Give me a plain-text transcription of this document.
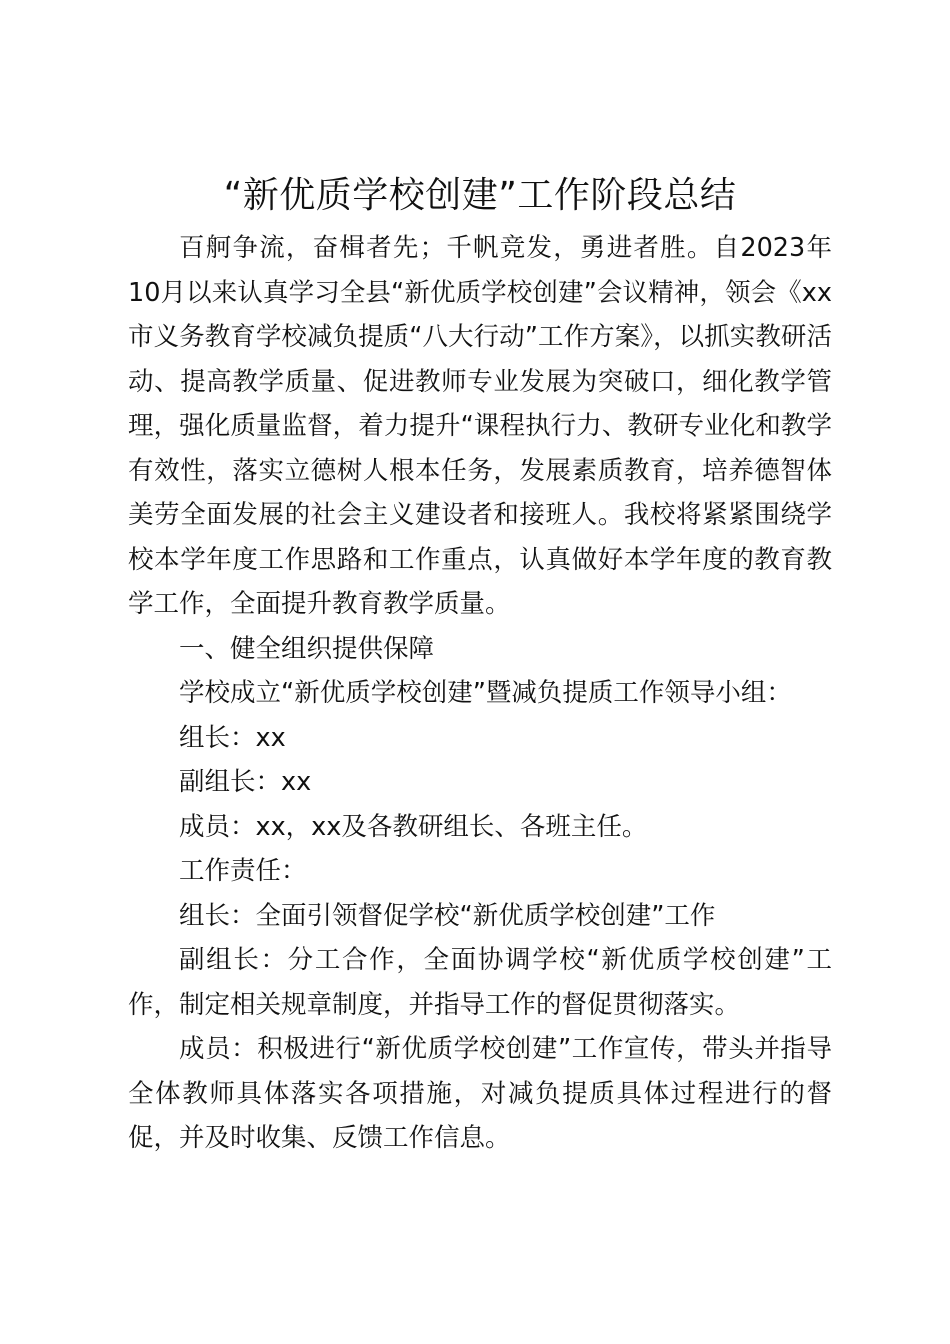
“新优质学校创建”工作阶段总结

百舸争流，奋楫者先；千帆竞发，勇进者胜。自2023年10月以来认真学习全县“新优质学校创建”会议精神，领会《xx市义务教育学校减负提质“八大行动”工作方案》，以抓实教研活动、提高教学质量、促进教师专业发展为突破口，细化教学管理，强化质量监督，着力提升“课程执行力、教研专业化和教学有效性，落实立德树人根本任务，发展素质教育，培养德智体美劳全面发展的社会主义建设者和接班人。我校将紧紧围绕学校本学年度工作思路和工作重点，认真做好本学年度的教育教学工作，全面提升教育教学质量。

一、健全组织提供保障

学校成立“新优质学校创建”暨减负提质工作领导小组：

组长：xx

副组长：xx

成员：xx，xx及各教研组长、各班主任。

工作责任：

组长：全面引领督促学校“新优质学校创建”工作

副组长：分工合作，全面协调学校“新优质学校创建”工作，制定相关规章制度，并指导工作的督促贯彻落实。

成员：积极进行“新优质学校创建”工作宣传，带头并指导全体教师具体落实各项措施，对减负提质具体过程进行的督促，并及时收集、反馈工作信息。
